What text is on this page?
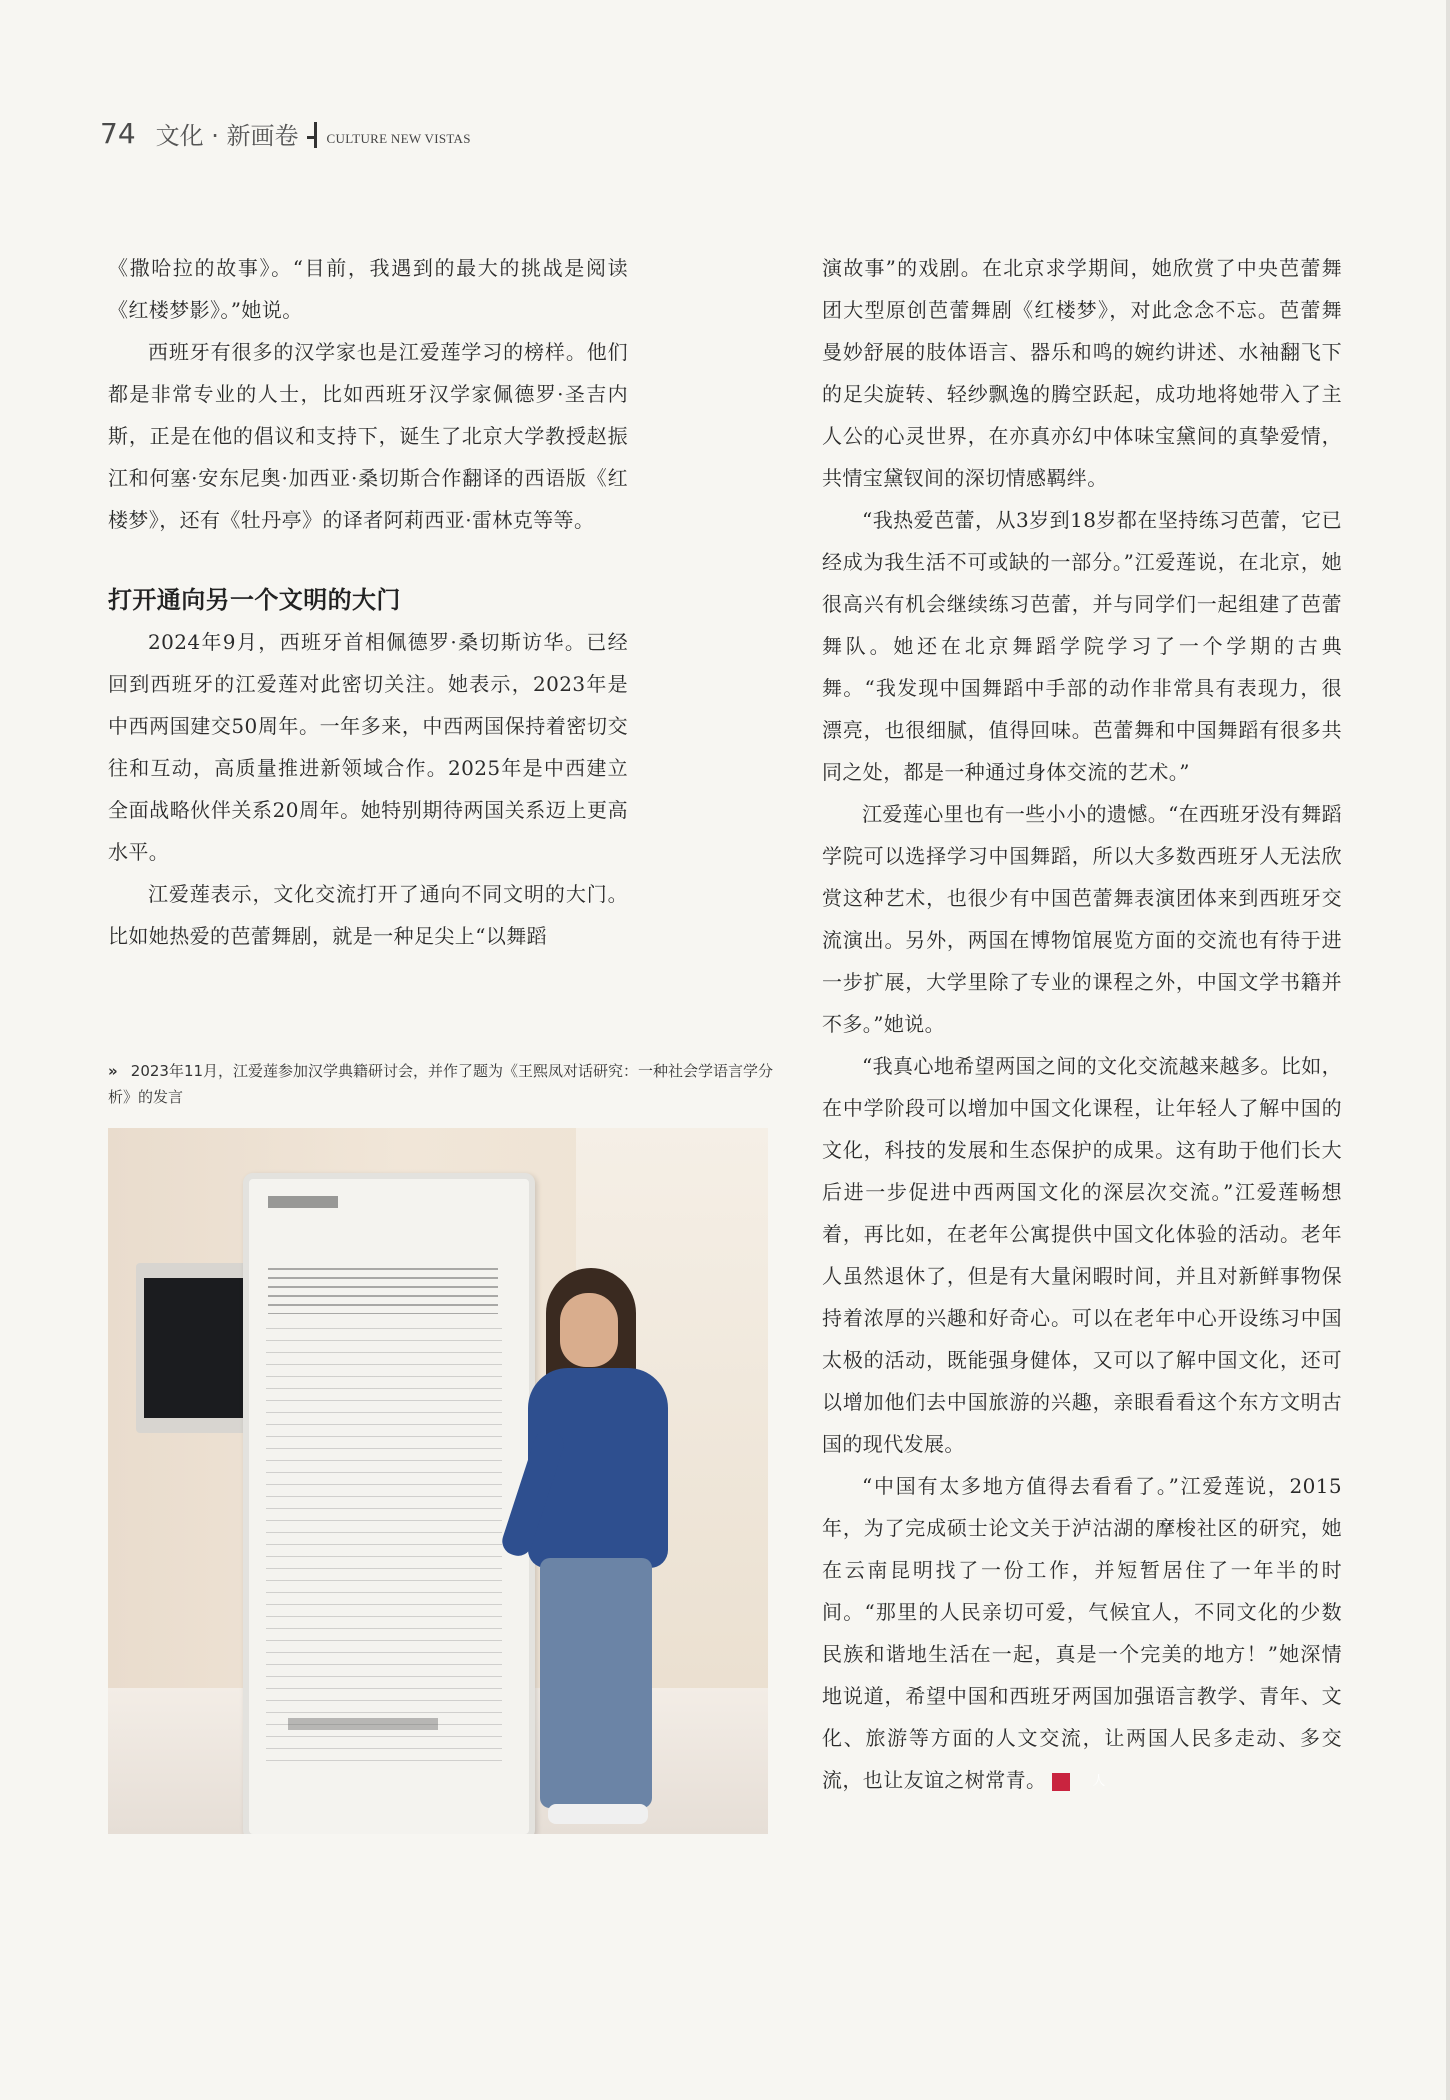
74 文化 · 新画卷 CULTURE NEW VISTAS

《撒哈拉的故事》。“目前，我遇到的最大的挑战是阅读《红楼梦影》。”她说。

西班牙有很多的汉学家也是江爱莲学习的榜样。他们都是非常专业的人士，比如西班牙汉学家佩德罗·圣吉内斯，正是在他的倡议和支持下，诞生了北京大学教授赵振江和何塞·安东尼奥·加西亚·桑切斯合作翻译的西语版《红楼梦》，还有《牡丹亭》的译者阿莉西亚·雷林克等等。

打开通向另一个文明的大门

2024年9月，西班牙首相佩德罗·桑切斯访华。已经回到西班牙的江爱莲对此密切关注。她表示，2023年是中西两国建交50周年。一年多来，中西两国保持着密切交往和互动，高质量推进新领域合作。2025年是中西建立全面战略伙伴关系20周年。她特别期待两国关系迈上更高水平。

江爱莲表示，文化交流打开了通向不同文明的大门。比如她热爱的芭蕾舞剧，就是一种足尖上“以舞蹈

» 2023年11月，江爱莲参加汉学典籍研讨会，并作了题为《王熙凤对话研究：一种社会学语言学分析》的发言

演故事”的戏剧。在北京求学期间，她欣赏了中央芭蕾舞团大型原创芭蕾舞剧《红楼梦》，对此念念不忘。芭蕾舞曼妙舒展的肢体语言、器乐和鸣的婉约讲述、水袖翻飞下的足尖旋转、轻纱飘逸的腾空跃起，成功地将她带入了主人公的心灵世界，在亦真亦幻中体味宝黛间的真挚爱情，共情宝黛钗间的深切情感羁绊。

“我热爱芭蕾，从3岁到18岁都在坚持练习芭蕾，它已经成为我生活不可或缺的一部分。”江爱莲说，在北京，她很高兴有机会继续练习芭蕾，并与同学们一起组建了芭蕾舞队。她还在北京舞蹈学院学习了一个学期的古典舞。“我发现中国舞蹈中手部的动作非常具有表现力，很漂亮，也很细腻，值得回味。芭蕾舞和中国舞蹈有很多共同之处，都是一种通过身体交流的艺术。”

江爱莲心里也有一些小小的遗憾。“在西班牙没有舞蹈学院可以选择学习中国舞蹈，所以大多数西班牙人无法欣赏这种艺术，也很少有中国芭蕾舞表演团体来到西班牙交流演出。另外，两国在博物馆展览方面的交流也有待于进一步扩展，大学里除了专业的课程之外，中国文学书籍并不多。”她说。

“我真心地希望两国之间的文化交流越来越多。比如，在中学阶段可以增加中国文化课程，让年轻人了解中国的文化，科技的发展和生态保护的成果。这有助于他们长大后进一步促进中西两国文化的深层次交流。”江爱莲畅想着，再比如，在老年公寓提供中国文化体验的活动。老年人虽然退休了，但是有大量闲暇时间，并且对新鲜事物保持着浓厚的兴趣和好奇心。可以在老年中心开设练习中国太极的活动，既能强身健体，又可以了解中国文化，还可以增加他们去中国旅游的兴趣，亲眼看看这个东方文明古国的现代发展。

“中国有太多地方值得去看看了。”江爱莲说，2015年，为了完成硕士论文关于泸沽湖的摩梭社区的研究，她在云南昆明找了一份工作，并短暂居住了一年半的时间。“那里的人民亲切可爱，气候宜人，不同文化的少数民族和谐地生活在一起，真是一个完美的地方！”她深情地说道，希望中国和西班牙两国加强语言教学、青年、文化、旅游等方面的人文交流，让两国人民多走动、多交流，也让友谊之树常青。	人
